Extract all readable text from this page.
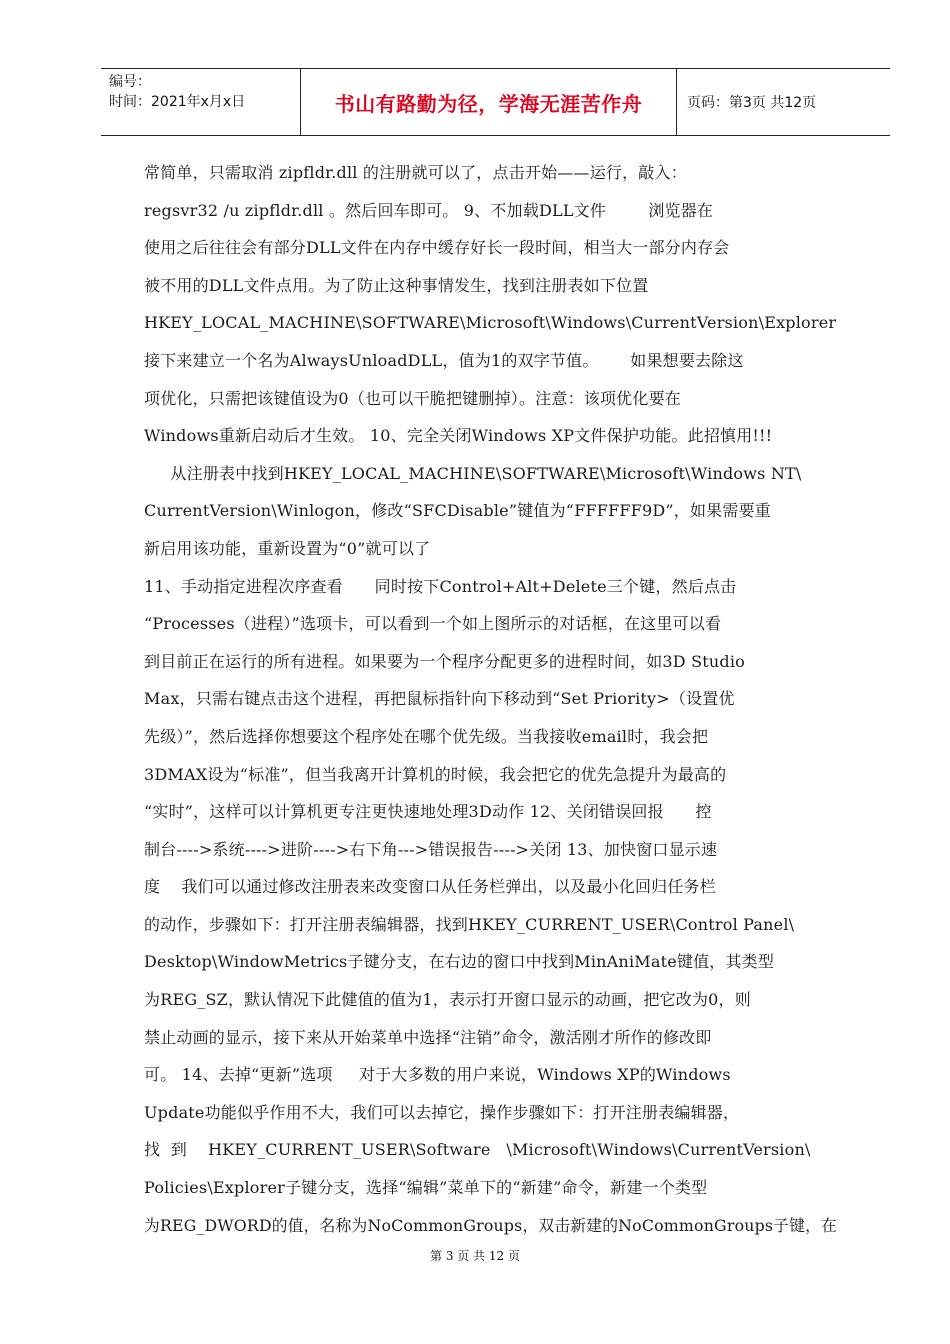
编号：
时间：2021年x月x日	书山有路勤为径，学海无涯苦作舟	页码：第3页 共12页
常简单，只需取消 zipfldr.dll 的注册就可以了，点击开始——运行，敲入：
regsvr32 /u zipfldr.dll 。然后回车即可。 9、不加载DLL文件        浏览器在
使用之后往往会有部分DLL文件在内存中缓存好长一段时间，相当大一部分内存会
被不用的DLL文件点用。为了防止这种事情发生，找到注册表如下位置
HKEY_LOCAL_MACHINE\SOFTWARE\Microsoft\Windows\CurrentVersion\Explorer
接下来建立一个名为AlwaysUnloadDLL，值为1的双字节值。      如果想要去除这
项优化，只需把该键值设为0（也可以干脆把键删掉）。注意：该项优化要在
Windows重新启动后才生效。 10、完全关闭Windows XP文件保护功能。此招慎用!!!
从注册表中找到HKEY_LOCAL_MACHINE\SOFTWARE\Microsoft\Windows NT\
CurrentVersion\Winlogon，修改“SFCDisable”键值为“FFFFFF9D”，如果需要重
新启用该功能，重新设置为“0”就可以了
11、手动指定进程次序查看      同时按下Control+Alt+Delete三个键，然后点击
“Processes（进程）”选项卡，可以看到一个如上图所示的对话框，在这里可以看
到目前正在运行的所有进程。如果要为一个程序分配更多的进程时间，如3D Studio
Max，只需右键点击这个进程，再把鼠标指针向下移动到“Set Priority>（设置优
先级）”，然后选择你想要这个程序处在哪个优先级。当我接收email时，我会把
3DMAX设为“标准”，但当我离开计算机的时候，我会把它的优先急提升为最高的
“实时”，这样可以计算机更专注更快速地处理3D动作 12、关闭错误回报      控
制台---->系统---->进阶---->右下角--->错误报告---->关闭 13、加快窗口显示速
度    我们可以通过修改注册表来改变窗口从任务栏弹出，以及最小化回归任务栏
的动作，步骤如下：打开注册表编辑器，找到HKEY_CURRENT_USER\Control Panel\
Desktop\WindowMetrics子键分支，在右边的窗口中找到MinAniMate键值，其类型
为REG_SZ，默认情况下此健值的值为1，表示打开窗口显示的动画，把它改为0，则
禁止动画的显示，接下来从开始菜单中选择“注销”命令，激活刚才所作的修改即
可。 14、去掉“更新”选项     对于大多数的用户来说，Windows XP的Windows
Update功能似乎作用不大，我们可以去掉它，操作步骤如下：打开注册表编辑器，
找  到    HKEY_CURRENT_USER\Software   \Microsoft\Windows\CurrentVersion\
Policies\Explorer子键分支，选择“编辑”菜单下的“新建”命令，新建一个类型
为REG_DWORD的值，名称为NoCommonGroups，双击新建的NoCommonGroups子键，在
第 3 页 共 12 页
